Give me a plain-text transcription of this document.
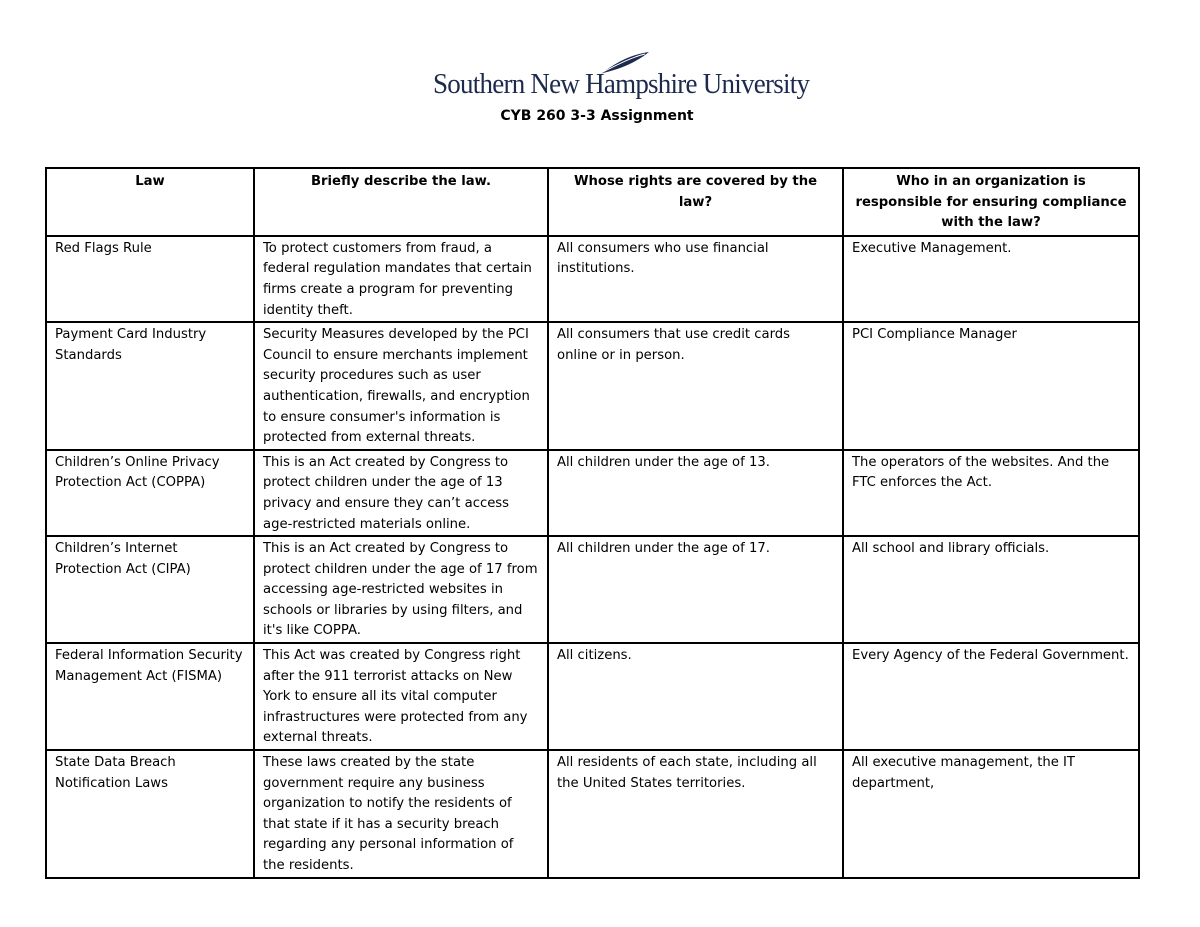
Southern New Hampshire University
CYB 260 3-3 Assignment
Law	Briefly describe the law.	Whose rights are covered by the law?	Who in an organization is responsible for ensuring compliance with the law?
Red Flags Rule	To protect customers from fraud, a federal regulation mandates that certain firms create a program for preventing identity theft.	All consumers who use financial institutions.	Executive Management.
Payment Card Industry Standards	Security Measures developed by the PCI Council to ensure merchants implement security procedures such as user authentication, firewalls, and encryption to ensure consumer's information is protected from external threats.	All consumers that use credit cards online or in person.	PCI Compliance Manager
Children’s Online Privacy Protection Act (COPPA)	This is an Act created by Congress to protect children under the age of 13 privacy and ensure they can’t access age-restricted materials online.	All children under the age of 13.	The operators of the websites. And the FTC enforces the Act.
Children’s Internet Protection Act (CIPA)	This is an Act created by Congress to protect children under the age of 17 from accessing age-restricted websites in schools or libraries by using filters, and it's like COPPA.	All children under the age of 17.	All school and library officials.
Federal Information Security Management Act (FISMA)	This Act was created by Congress right after the 911 terrorist attacks on New York to ensure all its vital computer infrastructures were protected from any external threats.	All citizens.	Every Agency of the Federal Government.
State Data Breach Notification Laws	These laws created by the state government require any business organization to notify the residents of that state if it has a security breach regarding any personal information of the residents.	All residents of each state, including all the United States territories.	All executive management, the IT department,
